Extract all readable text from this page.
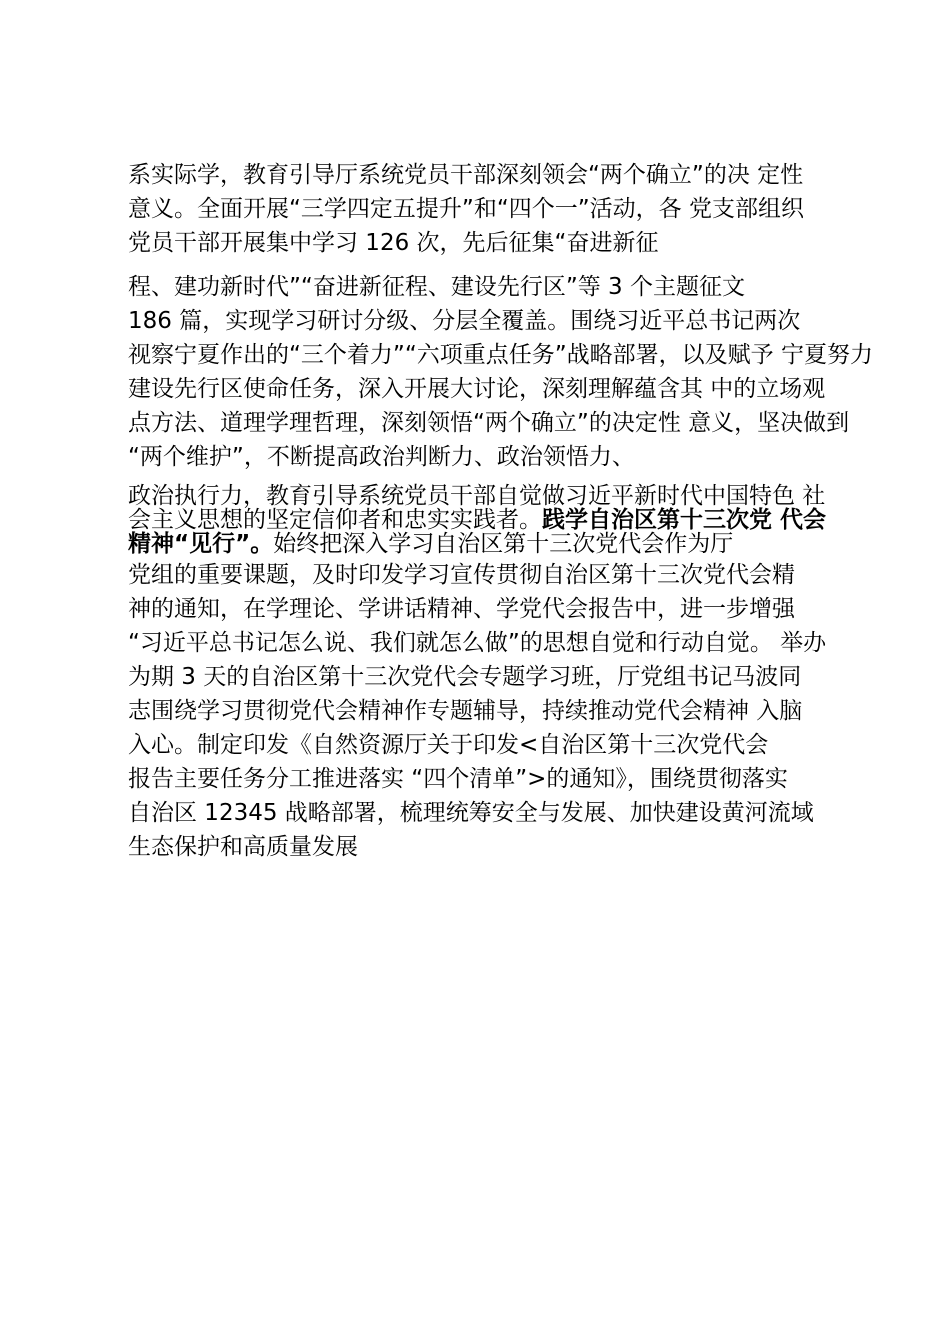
系实际学，教育引导厅系统党员干部深刻领会“两个确立”的决 定性
意义。全面开展“三学四定五提升”和“四个一”活动，各 党支部组织
党员干部开展集中学习 126 次，先后征集“奋进新征
程、建功新时代”“奋进新征程、建设先行区”等 3 个主题征文
186 篇，实现学习研讨分级、分层全覆盖。围绕习近平总书记两次
视察宁夏作出的“三个着力”“六项重点任务”战略部署，以及赋予 宁夏努力
建设先行区使命任务，深入开展大讨论，深刻理解蕴含其 中的立场观
点方法、道理学理哲理，深刻领悟“两个确立”的决定性 意义，坚决做到
“两个维护”，不断提高政治判断力、政治领悟力、
政治执行力，教育引导系统党员干部自觉做习近平新时代中国特色 社
会主义思想的坚定信仰者和忠实实践者。践学自治区第十三次党 代会
精神“见行”。始终把深入学习自治区第十三次党代会作为厅
党组的重要课题，及时印发学习宣传贯彻自治区第十三次党代会精
神的通知，在学理论、学讲话精神、学党代会报告中，进一步增强
“习近平总书记怎么说、我们就怎么做”的思想自觉和行动自觉。 举办
为期 3 天的自治区第十三次党代会专题学习班，厅党组书记马波同
志围绕学习贯彻党代会精神作专题辅导，持续推动党代会精神 入脑
入心。制定印发《自然资源厅关于印发<自治区第十三次党代会
报告主要任务分工推进落实 “四个清单”>的通知》，围绕贯彻落实
自治区 12345 战略部署，梳理统筹安全与发展、加快建设黄河流域
生态保护和高质量发展
